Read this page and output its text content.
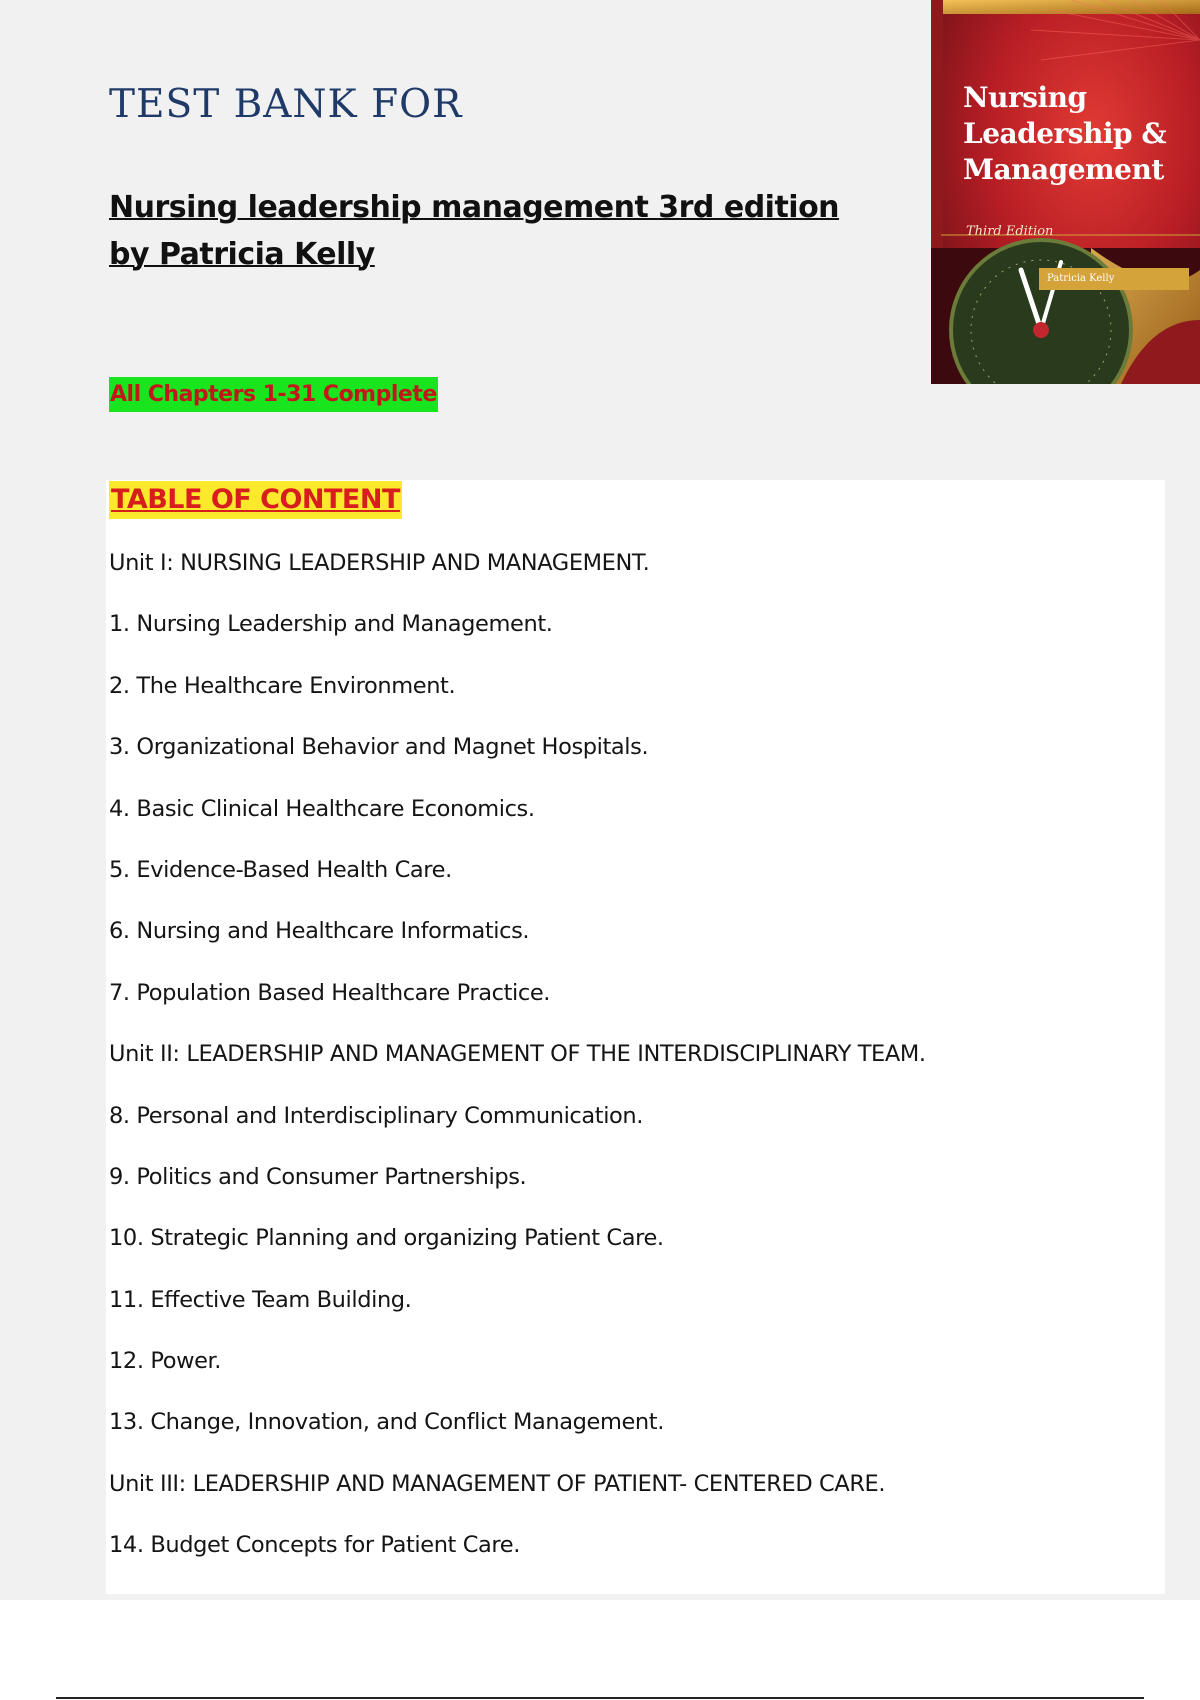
TEST BANK FOR
Nursing leadership management 3rd edition by Patricia Kelly
All Chapters 1-31 Complete
Nursing
Leadership &
Management
Third Edition
Patricia Kelly
TABLE OF CONTENT
Unit I: NURSING LEADERSHIP AND MANAGEMENT.
1. Nursing Leadership and Management.
2. The Healthcare Environment.
3. Organizational Behavior and Magnet Hospitals.
4. Basic Clinical Healthcare Economics.
5. Evidence-Based Health Care.
6. Nursing and Healthcare Informatics.
7. Population Based Healthcare Practice.
Unit II: LEADERSHIP AND MANAGEMENT OF THE INTERDISCIPLINARY TEAM.
8. Personal and Interdisciplinary Communication.
9. Politics and Consumer Partnerships.
10. Strategic Planning and organizing Patient Care.
11. Effective Team Building.
12. Power.
13. Change, Innovation, and Conflict Management.
Unit III: LEADERSHIP AND MANAGEMENT OF PATIENT- CENTERED CARE.
14. Budget Concepts for Patient Care.
